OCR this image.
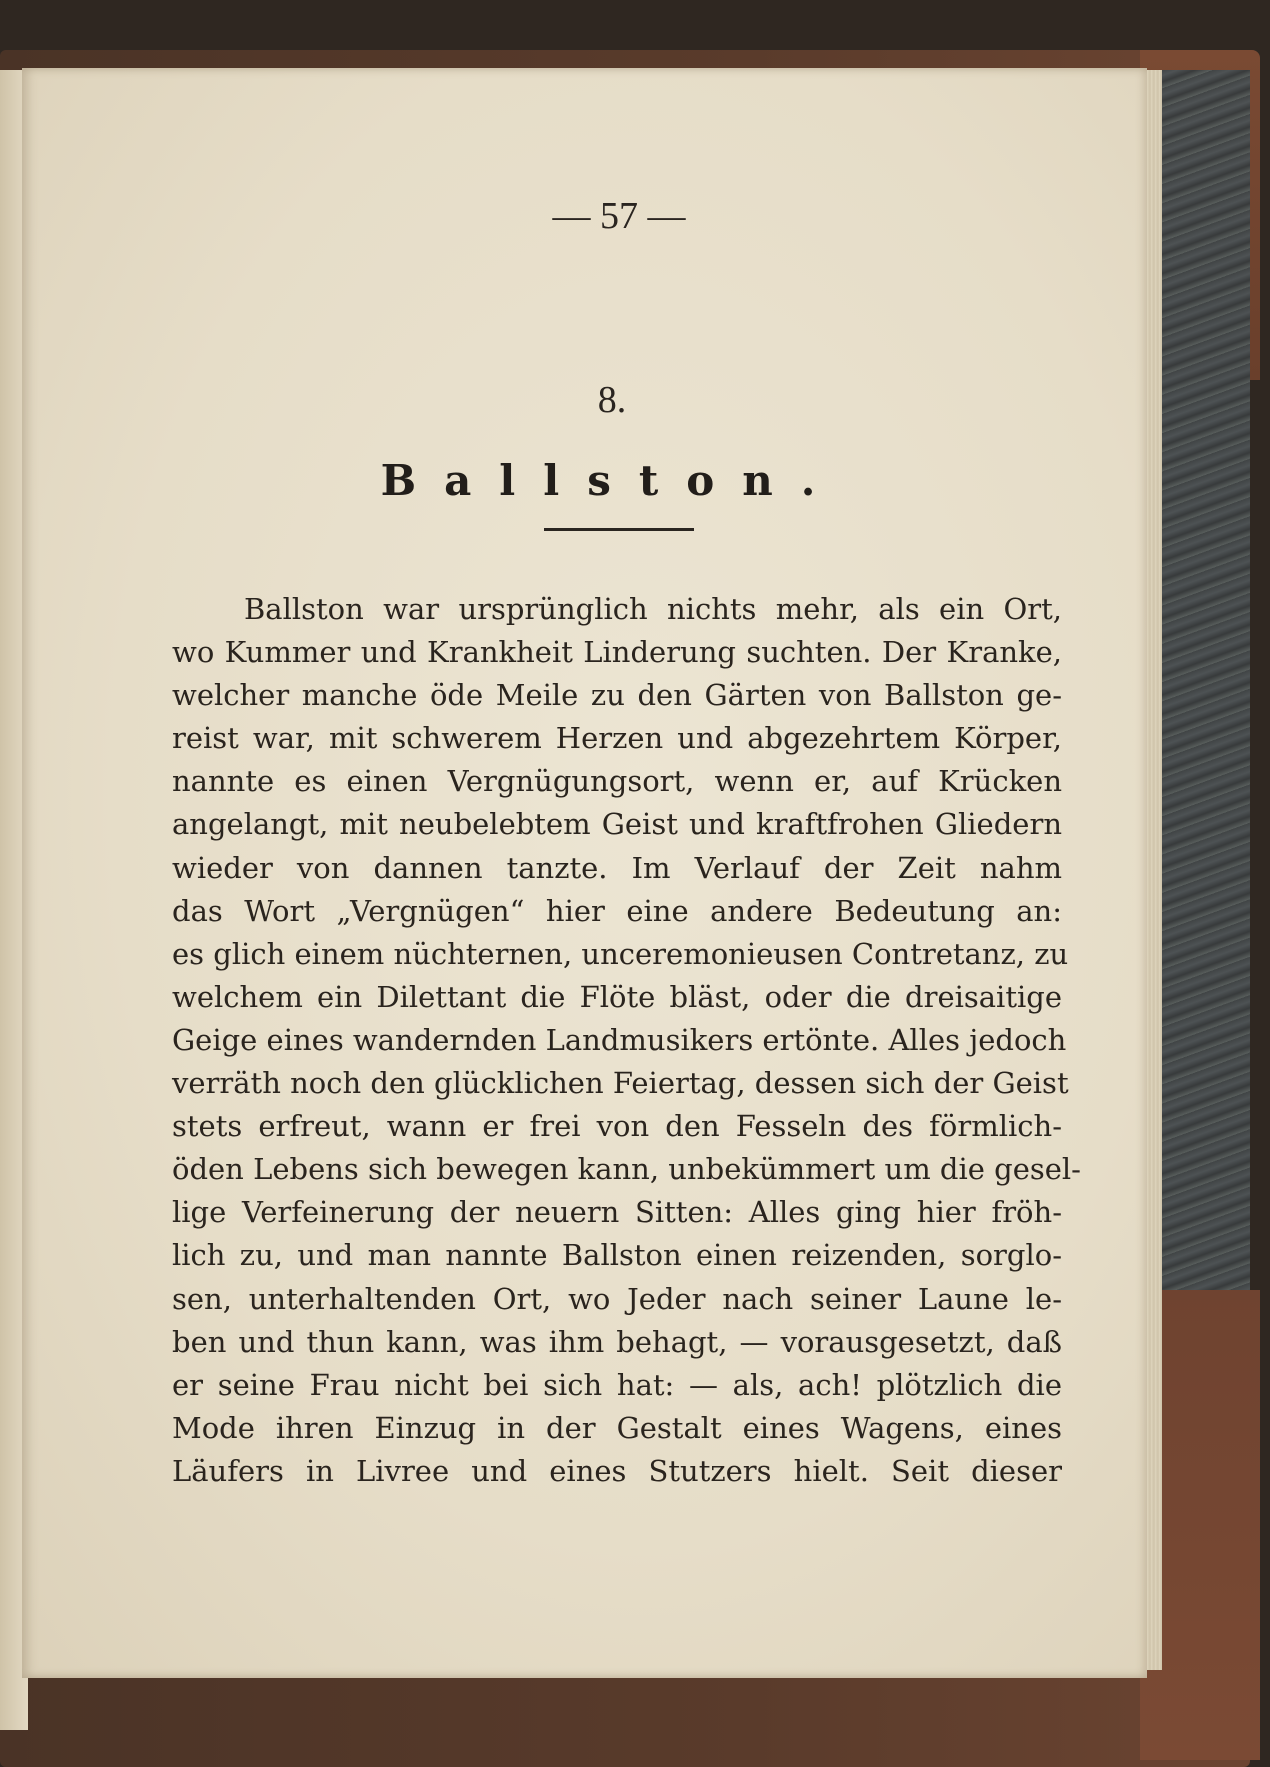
— 57 —
8.
Ballston.
Ballston war ursprünglich nichts mehr, als ein Ort,
wo Kummer und Krankheit Linderung suchten. Der Kranke,
welcher manche öde Meile zu den Gärten von Ballston ge-
reist war, mit schwerem Herzen und abgezehrtem Körper,
nannte es einen Vergnügungsort, wenn er, auf Krücken
angelangt, mit neubelebtem Geist und kraftfrohen Gliedern
wieder von dannen tanzte. Im Verlauf der Zeit nahm
das Wort „Vergnügen“ hier eine andere Bedeutung an:
es glich einem nüchternen, unceremonieusen Contretanz, zu
welchem ein Dilettant die Flöte bläst, oder die dreisaitige
Geige eines wandernden Landmusikers ertönte. Alles jedoch
verräth noch den glücklichen Feiertag, dessen sich der Geist
stets erfreut, wann er frei von den Fesseln des förmlich-
öden Lebens sich bewegen kann, unbekümmert um die gesel-
lige Verfeinerung der neuern Sitten: Alles ging hier fröh-
lich zu, und man nannte Ballston einen reizenden, sorglo-
sen, unterhaltenden Ort, wo Jeder nach seiner Laune le-
ben und thun kann, was ihm behagt, — vorausgesetzt, daß
er seine Frau nicht bei sich hat: — als, ach! plötzlich die
Mode ihren Einzug in der Gestalt eines Wagens, eines
Läufers in Livree und eines Stutzers hielt. Seit dieser
